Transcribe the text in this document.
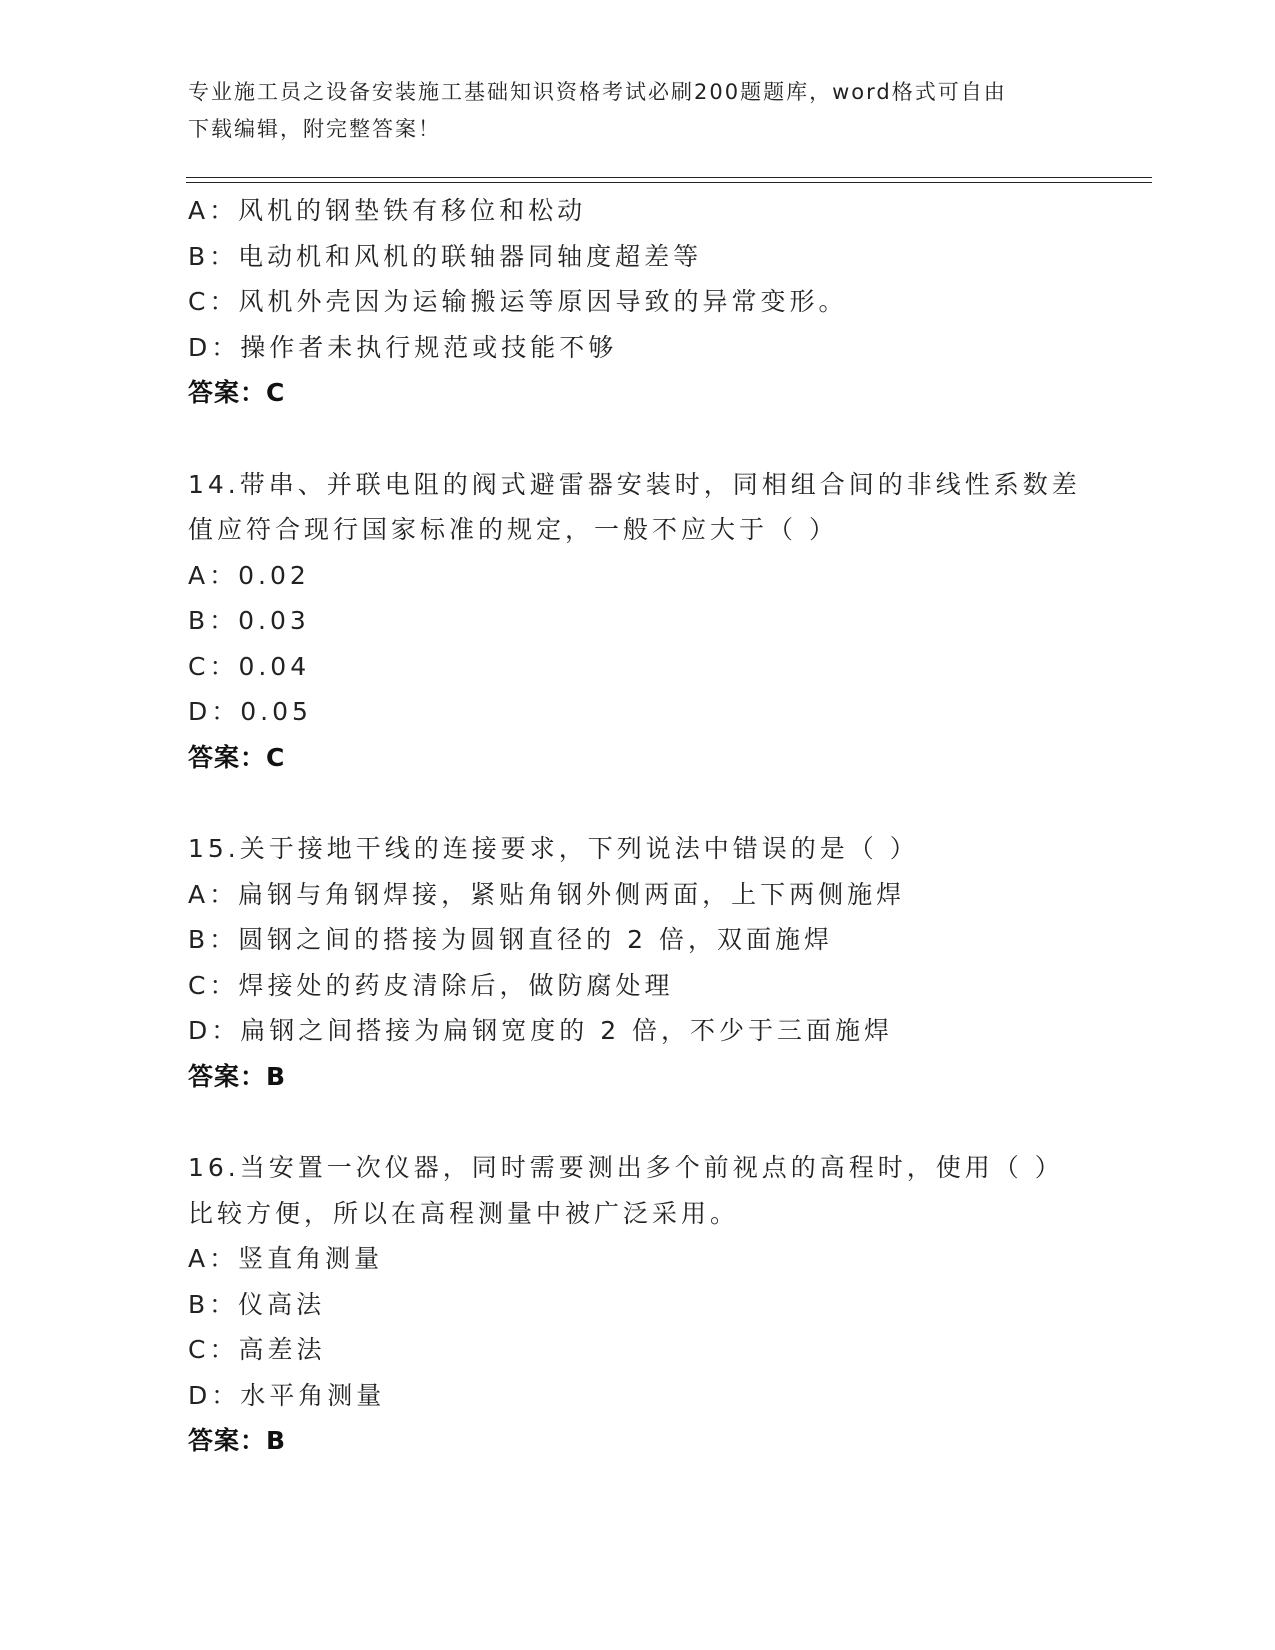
专业施工员之设备安装施工基础知识资格考试必刷200题题库，word格式可自由
下载编辑，附完整答案！
A：风机的钢垫铁有移位和松动
B：电动机和风机的联轴器同轴度超差等
C：风机外壳因为运输搬运等原因导致的异常变形。
D：操作者未执行规范或技能不够
答案：C
14.带串、并联电阻的阀式避雷器安装时，同相组合间的非线性系数差
值应符合现行国家标准的规定，一般不应大于（ ）
A：0.02
B：0.03
C：0.04
D：0.05
答案：C
15.关于接地干线的连接要求，下列说法中错误的是（ ）
A：扁钢与角钢焊接，紧贴角钢外侧两面，上下两侧施焊
B：圆钢之间的搭接为圆钢直径的 2 倍，双面施焊
C：焊接处的药皮清除后，做防腐处理
D：扁钢之间搭接为扁钢宽度的 2 倍，不少于三面施焊
答案：B
16.当安置一次仪器，同时需要测出多个前视点的高程时，使用（ ）
比较方便，所以在高程测量中被广泛采用。
A：竖直角测量
B：仪高法
C：高差法
D：水平角测量
答案：B
